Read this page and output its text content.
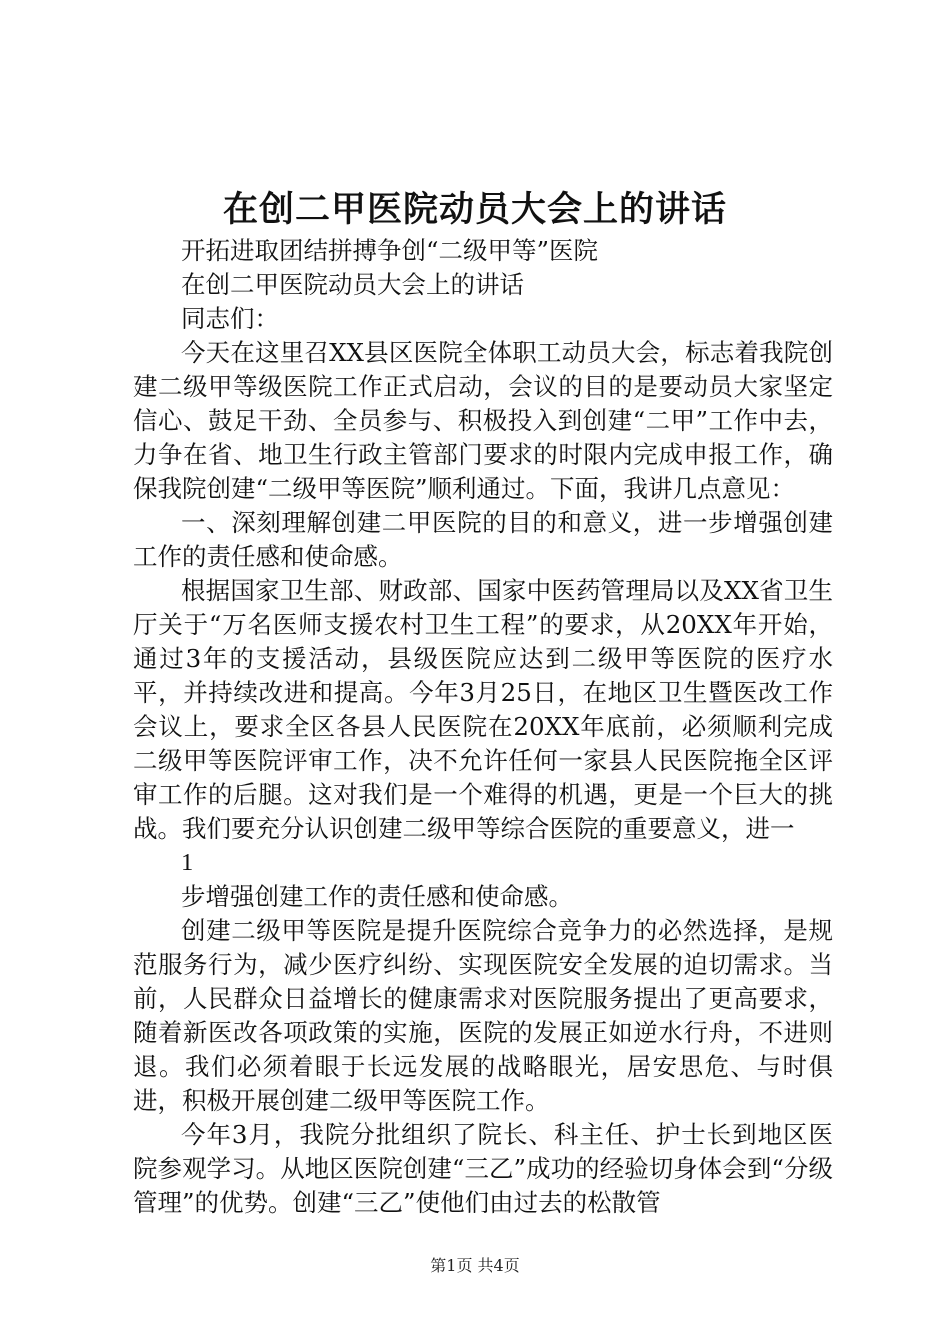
在创二甲医院动员大会上的讲话

开拓进取团结拼搏争创“二级甲等”医院

在创二甲医院动员大会上的讲话

同志们：

今天在这里召XX县区医院全体职工动员大会，标志着我院创建二级甲等级医院工作正式启动，会议的目的是要动员大家坚定信心、鼓足干劲、全员参与、积极投入到创建“二甲”工作中去，力争在省、地卫生行政主管部门要求的时限内完成申报工作，确保我院创建“二级甲等医院”顺利通过。下面，我讲几点意见：

一、深刻理解创建二甲医院的目的和意义，进一步增强创建工作的责任感和使命感。

根据国家卫生部、财政部、国家中医药管理局以及XX省卫生厅关于“万名医师支援农村卫生工程”的要求，从20XX年开始，通过3年的支援活动，县级医院应达到二级甲等医院的医疗水平，并持续改进和提高。今年3月25日，在地区卫生暨医改工作会议上，要求全区各县人民医院在20XX年底前，必须顺利完成二级甲等医院评审工作，决不允许任何一家县人民医院拖全区评审工作的后腿。这对我们是一个难得的机遇，更是一个巨大的挑战。我们要充分认识创建二级甲等综合医院的重要意义，进一

1

步增强创建工作的责任感和使命感。

创建二级甲等医院是提升医院综合竞争力的必然选择，是规范服务行为，减少医疗纠纷、实现医院安全发展的迫切需求。当前，人民群众日益增长的健康需求对医院服务提出了更高要求，随着新医改各项政策的实施，医院的发展正如逆水行舟，不进则退。我们必须着眼于长远发展的战略眼光，居安思危、与时俱进，积极开展创建二级甲等医院工作。

今年3月，我院分批组织了院长、科主任、护士长到地区医院参观学习。从地区医院创建“三乙”成功的经验切身体会到“分级管理”的优势。创建“三乙”使他们由过去的松散管

第1页 共4页
